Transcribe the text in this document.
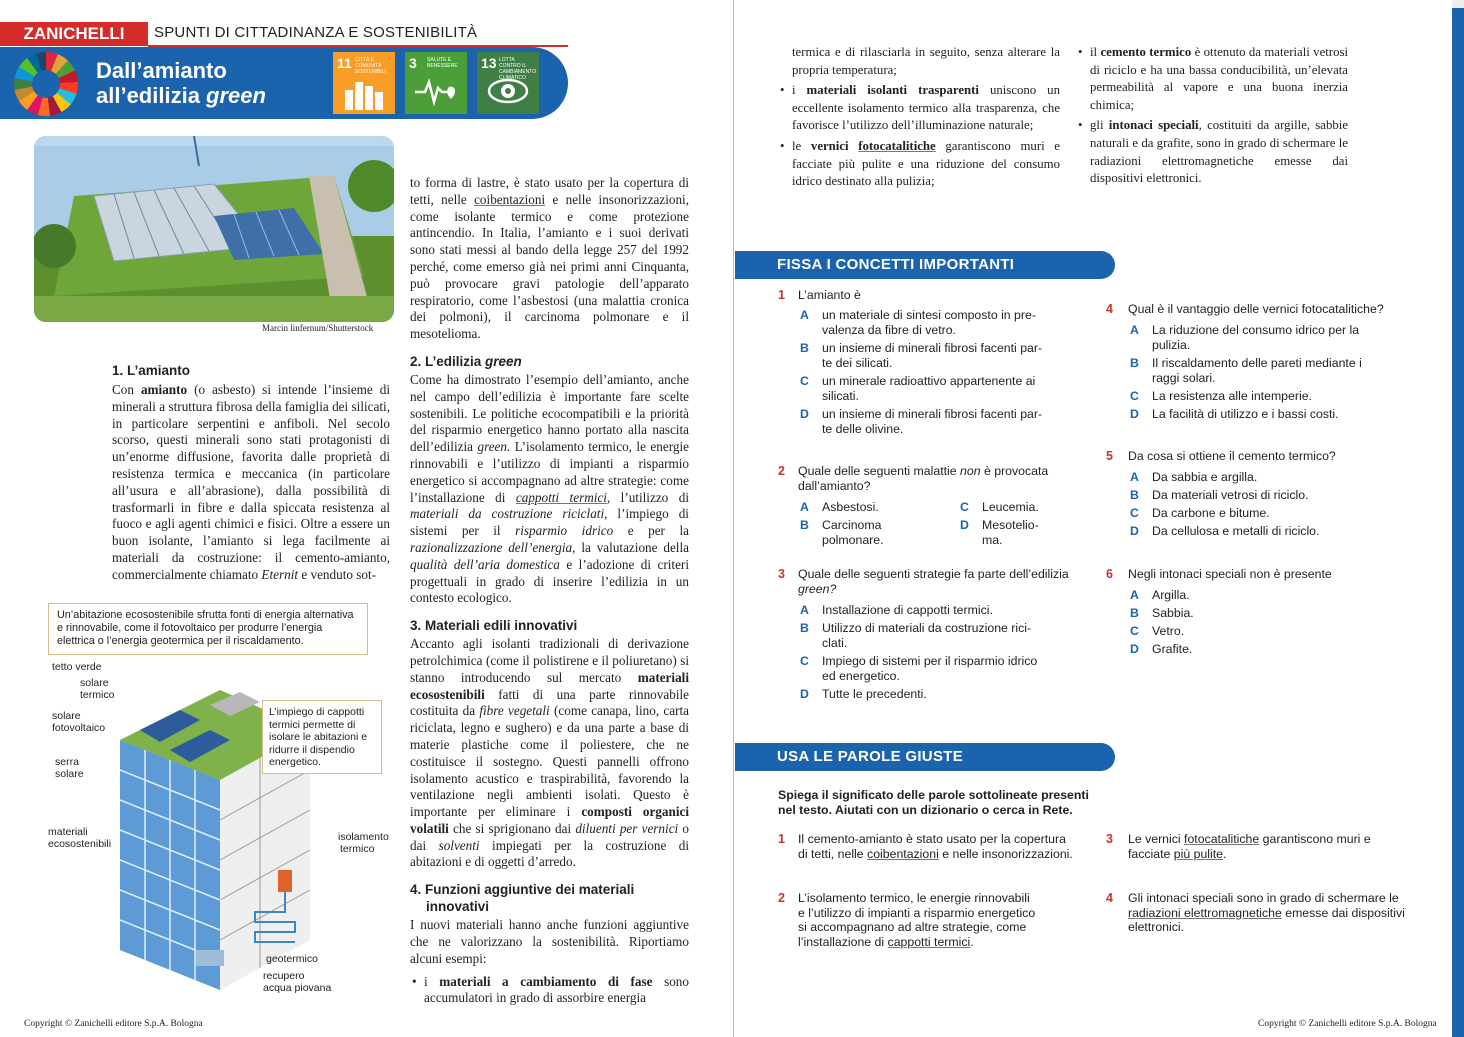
ZANICHELLI	SPUNTI DI CITTADINANZA E SOSTENIBILITÀ
Dall’amianto
all’edilizia green
11 CITTÀ E COMUNITÀ SOSTENIBILI
3 SALUTE E BENESSERE	13 LOTTA CONTRO IL CAMBIAMENTO CLIMATICO
Marcin linfernum/Shutterstock
1. L’amianto

Con amianto (o asbesto) si intende l’insieme di minerali a struttura fibrosa della famiglia dei silicati, in particolare serpentini e anfiboli. Nel secolo scorso, questi minerali sono stati protagonisti di un’enorme diffusione, favorita dalle proprietà di resistenza termica e meccanica (in particolare all’usura e all’abrasione), dalla possibilità di trasformarli in fibre e dalla spiccata resistenza al fuoco e agli agenti chimici e fisici. Oltre a essere un buon isolante, l’amianto si lega facilmente ai materiali da costruzione: il cemento-amianto, commercialmente chiamato Eternit e venduto sot-

to forma di lastre, è stato usato per la copertura di tetti, nelle coibentazioni e nelle insonorizzazioni, come isolante termico e come protezione antincendio. In Italia, l’amianto e i suoi derivati sono stati messi al bando della legge 257 del 1992 perché, come emerso già nei primi anni Cinquanta, può provocare gravi patologie dell’apparato respiratorio, come l’asbestosi (una malattia cronica dei polmoni), il carcinoma polmonare e il mesotelioma.

2. L’edilizia green

Come ha dimostrato l’esempio dell’amianto, anche nel campo dell’edilizia è importante fare scelte sostenibili. Le politiche ecocompatibili e la priorità del risparmio energetico hanno portato alla nascita dell’edilizia green. L’isolamento termico, le energie rinnovabili e l’utilizzo di impianti a risparmio energetico si accompagnano ad altre strategie: come l’installazione di cappotti termici, l’utilizzo di materiali da costruzione riciclati, l’impiego di sistemi per il risparmio idrico e per la razionalizzazione dell’energia, la valutazione della qualità dell’aria domestica e l’adozione di criteri progettuali in grado di inserire l’edilizia in un contesto ecologico.

3. Materiali edili innovativi

Accanto agli isolanti tradizionali di derivazione petrolchimica (come il polistirene e il poliuretano) si stanno introducendo sul mercato materiali ecosostenibili fatti di una parte rinnovabile costituita da fibre vegetali (come canapa, lino, carta riciclata, legno e sughero) e da una parte a base di materie plastiche come il poliestere, che ne costituisce il sostegno. Questi pannelli offrono isolamento acustico e traspirabilità, favorendo la ventilazione negli ambienti isolati. Questo è importante per eliminare i composti organici volatili che si sprigionano dai diluenti per vernici o dai solventi impiegati per la costruzione di abitazioni e di oggetti d’arredo.

4. Funzioni aggiuntive dei materiali
innovativi

I nuovi materiali hanno anche funzioni aggiuntive che ne valorizzano la sostenibilità. Riportiamo alcuni esempi:

• i materiali a cambiamento di fase sono accumulatori in grado di assorbire energia

Un’abitazione ecosostenibile sfrutta fonti di energia alternativa e rinnovabile, come il fotovoltaico per produrre l’energia elettrica o l’energia geotermica per il riscaldamento.
L’impiego di cappotti termici permette di isolare le abitazioni e ridurre il dispendio energetico.
tetto verde
solare
termico
solare
fotovoltaico
serra
solare
materiali
ecosostenibili
isolamento
termico
geotermico
recupero
acqua piovana
Copyright © Zanichelli editore S.p.A. Bologna

termica e di rilasciarla in seguito, senza alterare la propria temperatura;

• i materiali isolanti trasparenti uniscono un eccellente isolamento termico alla trasparenza, che favorisce l’utilizzo dell’illuminazione naturale;

• le vernici fotocatalitiche garantiscono muri e facciate più pulite e una riduzione del consumo idrico destinato alla pulizia;

• il cemento termico è ottenuto da materiali vetrosi di riciclo e ha una bassa conducibilità, un’elevata permeabilità al vapore e una buona inerzia chimica;

• gli intonaci speciali, costituiti da argille, sabbie naturali e da grafite, sono in grado di schermare le radiazioni elettromagnetiche emesse dai dispositivi elettronici.

FISSA I CONCETTI IMPORTANTI
1 L’amianto è
A un materiale di sintesi composto in pre-
valenza da fibre di vetro.
B un insieme di minerali fibrosi facenti par-
te dei silicati.
C un minerale radioattivo appartenente ai
silicati.
D un insieme di minerali fibrosi facenti par-
te delle olivine.
2 Quale delle seguenti malattie non è provocata
dall’amianto?
A Asbestosi.
B Carcinoma
polmonare.
C Leucemia.
D Mesotelio-
ma.
3 Quale delle seguenti strategie fa parte dell’edilizia
green?
A Installazione di cappotti termici.
B Utilizzo di materiali da costruzione rici-
clati.
C Impiego di sistemi per il risparmio idrico
ed energetico.
D Tutte le precedenti.
4 Qual è il vantaggio delle vernici fotocatalitiche?
A La riduzione del consumo idrico per la
pulizia.
B Il riscaldamento delle pareti mediante i
raggi solari.
C La resistenza alle intemperie.
D La facilità di utilizzo e i bassi costi.
5 Da cosa si ottiene il cemento termico?
A Da sabbia e argilla.
B Da materiali vetrosi di riciclo.
C Da carbone e bitume.
D Da cellulosa e metalli di riciclo.
6 Negli intonaci speciali non è presente
A Argilla.
B Sabbia.
C Vetro.
D Grafite.
USA LE PAROLE GIUSTE
Spiega il significato delle parole sottolineate presenti
nel testo. Aiutati con un dizionario o cerca in Rete.
1 Il cemento-amianto è stato usato per la copertura
di tetti, nelle coibentazioni e nelle insonorizzazioni.
2 L’isolamento termico, le energie rinnovabili
e l’utilizzo di impianti a risparmio energetico
si accompagnano ad altre strategie, come
l’installazione di cappotti termici.
3 Le vernici fotocatalitiche garantiscono muri e
facciate più pulite.
4 Gli intonaci speciali sono in grado di schermare le
radiazioni elettromagnetiche emesse dai dispositivi
elettronici.
Copyright © Zanichelli editore S.p.A. Bologna
